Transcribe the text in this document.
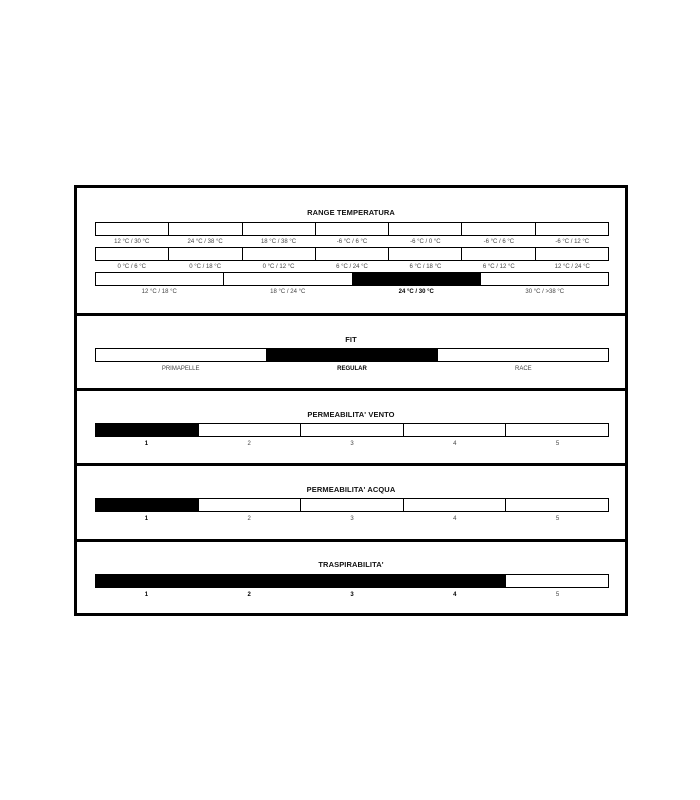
RANGE TEMPERATURA
12 °C / 30 °C	24 °C / 38 °C	18 °C / 38 °C	-6 °C / 6 °C	-6 °C / 0 °C	-6 °C / 6 °C	-6 °C / 12 °C
0 °C / 6 °C	0 °C / 18 °C	0 °C / 12 °C	6 °C / 24 °C	6 °C / 18 °C	6 °C / 12 °C	12 °C / 24 °C
12 °C / 18 °C	18 °C / 24 °C	24 °C / 30 °C	30 °C / >38 °C
FIT
PRIMAPELLE	REGULAR	RACE
PERMEABILITA' VENTO
1	2	3	4	5
PERMEABILITA' ACQUA
1	2	3	4	5
TRASPIRABILITA'
1	2	3	4	5
